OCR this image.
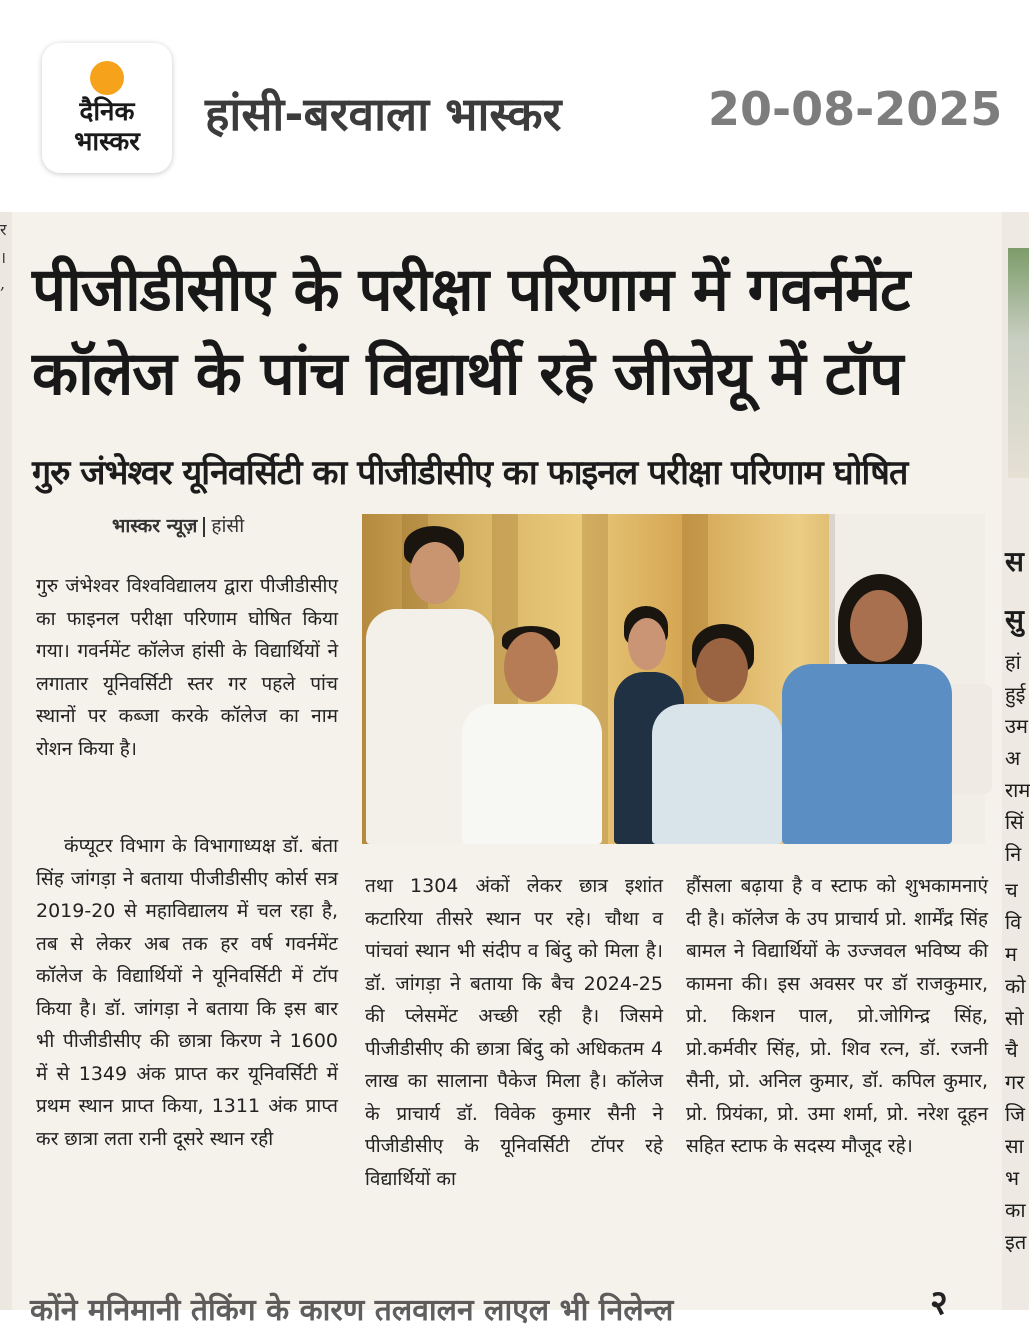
दैनिक
भास्कर
हांसी-बरवाला भास्कर	20-08-2025
र
।
,
स
सु
हां
हुई
उम
अ
राम
सिं
नि
च
वि
म
को
सो
चै
गर
जि
सा
भ
का
इत
पीजीडीसीए के परीक्षा परिणाम में गवर्नमेंट
कॉलेज के पांच विद्यार्थी रहे जीजेयू में टॉप
गुरु जंभेश्वर यूनिवर्सिटी का पीजीडीसीए का फाइनल परीक्षा परिणाम घोषित
भास्कर न्यूज़ हांसी

गुरु जंभेश्वर विश्वविद्यालय द्वारा पीजीडीसीए का फाइनल परीक्षा परिणाम घोषित किया गया। गवर्नमेंट कॉलेज हांसी के विद्यार्थियों ने लगातार यूनिवर्सिटी स्तर गर पहले पांच स्थानों पर कब्जा करके कॉलेज का नाम रोशन किया है।

कंप्यूटर विभाग के विभागाध्यक्ष डॉ. बंता सिंह जांगड़ा ने बताया पीजीडीसीए कोर्स सत्र 2019-20 से महाविद्यालय में चल रहा है, तब से लेकर अब तक हर वर्ष गवर्नमेंट कॉलेज के विद्यार्थियों ने यूनिवर्सिटी में टॉप किया है। डॉ. जांगड़ा ने बताया कि इस बार भी पीजीडीसीए की छात्रा किरण ने 1600 में से 1349 अंक प्राप्त कर यूनिवर्सिटी में प्रथम स्थान प्राप्त किया, 1311 अंक प्राप्त कर छात्रा लता रानी दूसरे स्थान रही

तथा 1304 अंकों लेकर छात्र इशांत कटारिया तीसरे स्थान पर रहे। चौथा व पांचवां स्थान भी संदीप व बिंदु को मिला है। डॉ. जांगड़ा ने बताया कि बैच 2024-25 की प्लेसमेंट अच्छी रही है। जिसमे पीजीडीसीए की छात्रा बिंदु को अधिकतम 4 लाख का सालाना पैकेज मिला है। कॉलेज के प्राचार्य डॉ. विवेक कुमार सैनी ने पीजीडीसीए के यूनिवर्सिटी टॉपर रहे विद्यार्थियों का

हौंसला बढ़ाया है व स्टाफ को शुभकामनाएं दी है। कॉलेज के उप प्राचार्य प्रो. शार्मेंद्र सिंह बामल ने विद्यार्थियों के उज्जवल भविष्य की कामना की। इस अवसर पर डॉ राजकुमार, प्रो. किशन पाल, प्रो.जोगिन्द्र सिंह, प्रो.कर्मवीर सिंह, प्रो. शिव रत्न, डॉ. रजनी सैनी, प्रो. अनिल कुमार, डॉ. कपिल कुमार, प्रो. प्रियंका, प्रो. उमा शर्मा, प्रो. नरेश दूहन सहित स्टाफ के सदस्य मौजूद रहे।

कोंने मनिमानी तेकिंग के कारण तलवालन लाएल भी निलेन्ल	२
